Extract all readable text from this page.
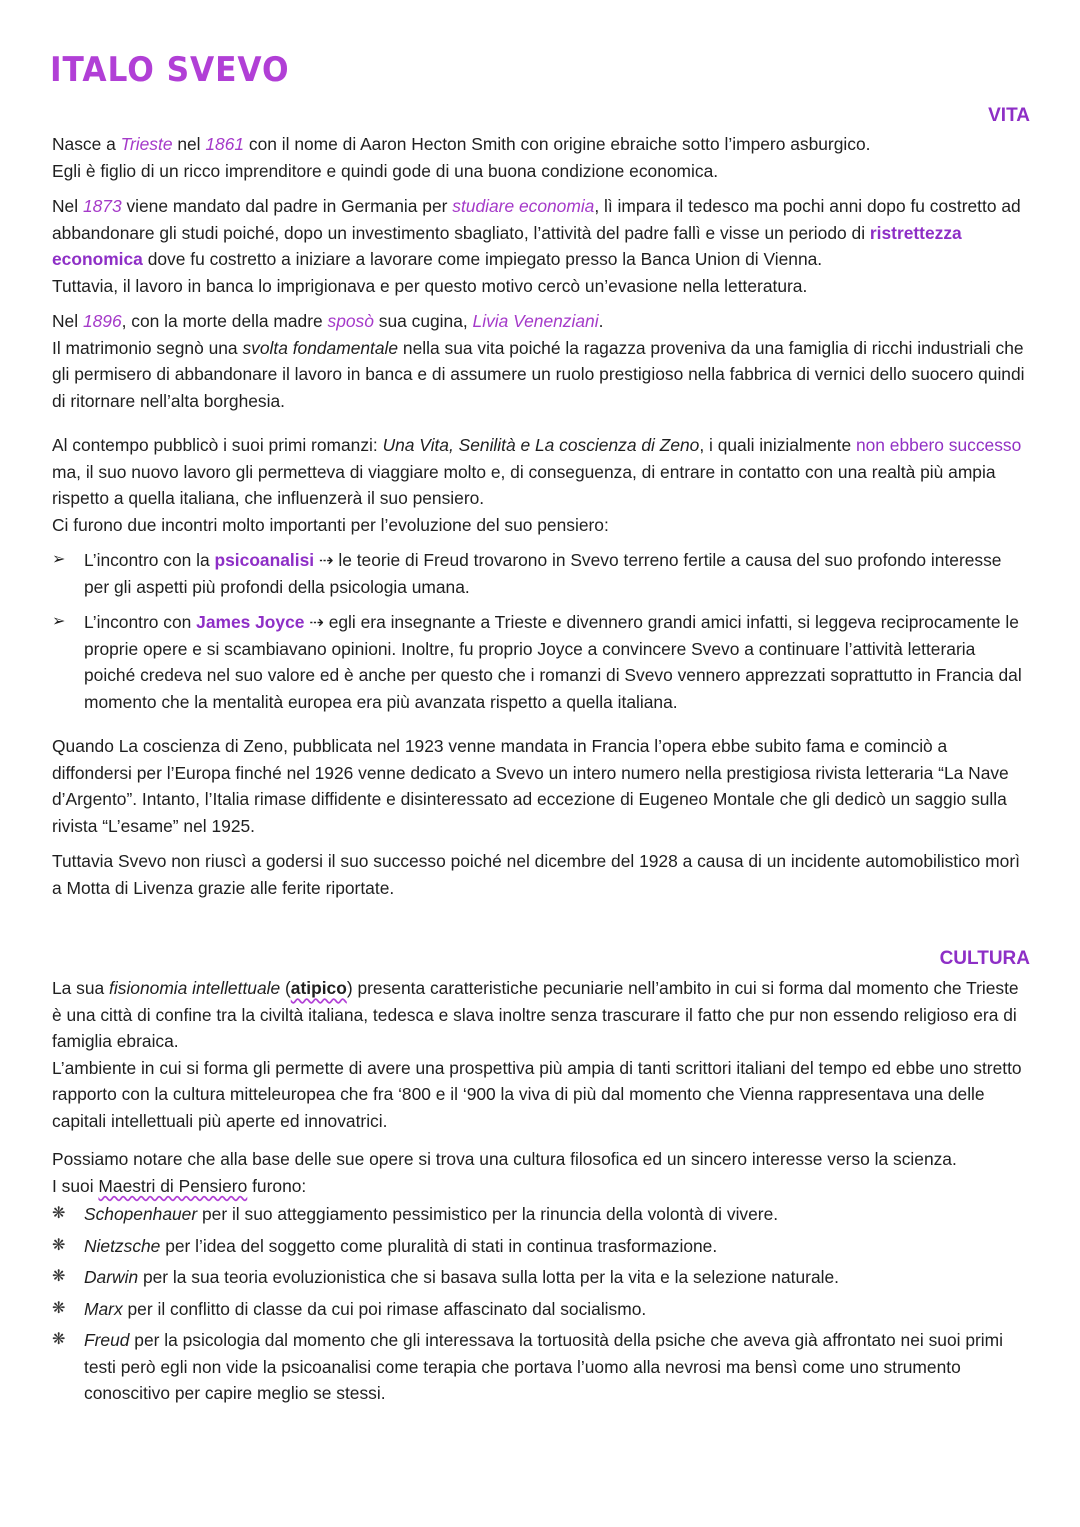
ITALO SVEVO
VITA

Nasce a Trieste nel 1861 con il nome di Aaron Hecton Smith con origine ebraiche sotto l’impero asburgico.
Egli è figlio di un ricco imprenditore e quindi gode di una buona condizione economica.

Nel 1873 viene mandato dal padre in Germania per studiare economia, lì impara il tedesco ma pochi anni dopo fu costretto ad abbandonare gli studi poiché, dopo un investimento sbagliato, l’attività del padre fallì e visse un periodo di ristrettezza economica dove fu costretto a iniziare a lavorare come impiegato presso la Banca Union di Vienna.
Tuttavia, il lavoro in banca lo imprigionava e per questo motivo cercò un’evasione nella letteratura.

Nel 1896, con la morte della madre sposò sua cugina, Livia Venenziani.
Il matrimonio segnò una svolta fondamentale nella sua vita poiché la ragazza proveniva da una famiglia di ricchi industriali che gli permisero di abbandonare il lavoro in banca e di assumere un ruolo prestigioso nella fabbrica di vernici dello suocero quindi di ritornare nell’alta borghesia.

Al contempo pubblicò i suoi primi romanzi: Una Vita, Senilità e La coscienza di Zeno, i quali inizialmente non ebbero successo ma, il suo nuovo lavoro gli permetteva di viaggiare molto e, di conseguenza, di entrare in contatto con una realtà più ampia rispetto a quella italiana, che influenzerà il suo pensiero.
Ci furono due incontri molto importanti per l’evoluzione del suo pensiero:

➢	L’incontro con la psicoanalisi ⇢ le teorie di Freud trovarono in Svevo terreno fertile a causa del suo profondo interesse per gli aspetti più profondi della psicologia umana.
➢	L’incontro con James Joyce ⇢ egli era insegnante a Trieste e divennero grandi amici infatti, si leggeva reciprocamente le proprie opere e si scambiavano opinioni. Inoltre, fu proprio Joyce a convincere Svevo a continuare l’attività letteraria poiché credeva nel suo valore ed è anche per questo che i romanzi di Svevo vennero apprezzati soprattutto in Francia dal momento che la mentalità europea era più avanzata rispetto a quella italiana.

Quando La coscienza di Zeno, pubblicata nel 1923 venne mandata in Francia l’opera ebbe subito fama e cominciò a diffondersi per l’Europa finché nel 1926 venne dedicato a Svevo un intero numero nella prestigiosa rivista letteraria “La Nave d’Argento”. Intanto, l’Italia rimase diffidente e disinteressato ad eccezione di Eugeneo Montale che gli dedicò un saggio sulla rivista “L’esame” nel 1925.

Tuttavia Svevo non riuscì a godersi il suo successo poiché nel dicembre del 1928 a causa di un incidente automobilistico morì a Motta di Livenza grazie alle ferite riportate.

CULTURA

La sua fisionomia intellettuale (atipico) presenta caratteristiche pecuniarie nell’ambito in cui si forma dal momento che Trieste è una città di confine tra la civiltà italiana, tedesca e slava inoltre senza trascurare il fatto che pur non essendo religioso era di famiglia ebraica.
L’ambiente in cui si forma gli permette di avere una prospettiva più ampia di tanti scrittori italiani del tempo ed ebbe uno stretto rapporto con la cultura mitteleuropea che fra ‘800 e il ‘900 la viva di più dal momento che Vienna rappresentava una delle capitali intellettuali più aperte ed innovatrici.

Possiamo notare che alla base delle sue opere si trova una cultura filosofica ed un sincero interesse verso la scienza.
I suoi Maestri di Pensiero furono:

❋ Schopenhauer per il suo atteggiamento pessimistico per la rinuncia della volontà di vivere.
❋ Nietzsche per l’idea del soggetto come pluralità di stati in continua trasformazione.
❋ Darwin per la sua teoria evoluzionistica che si basava sulla lotta per la vita e la selezione naturale.
❋ Marx per il conflitto di classe da cui poi rimase affascinato dal socialismo.
❋ Freud per la psicologia dal momento che gli interessava la tortuosità della psiche che aveva già affrontato nei suoi primi testi però egli non vide la psicoanalisi come terapia che portava l’uomo alla nevrosi ma bensì come uno strumento conoscitivo per capire meglio se stessi.
